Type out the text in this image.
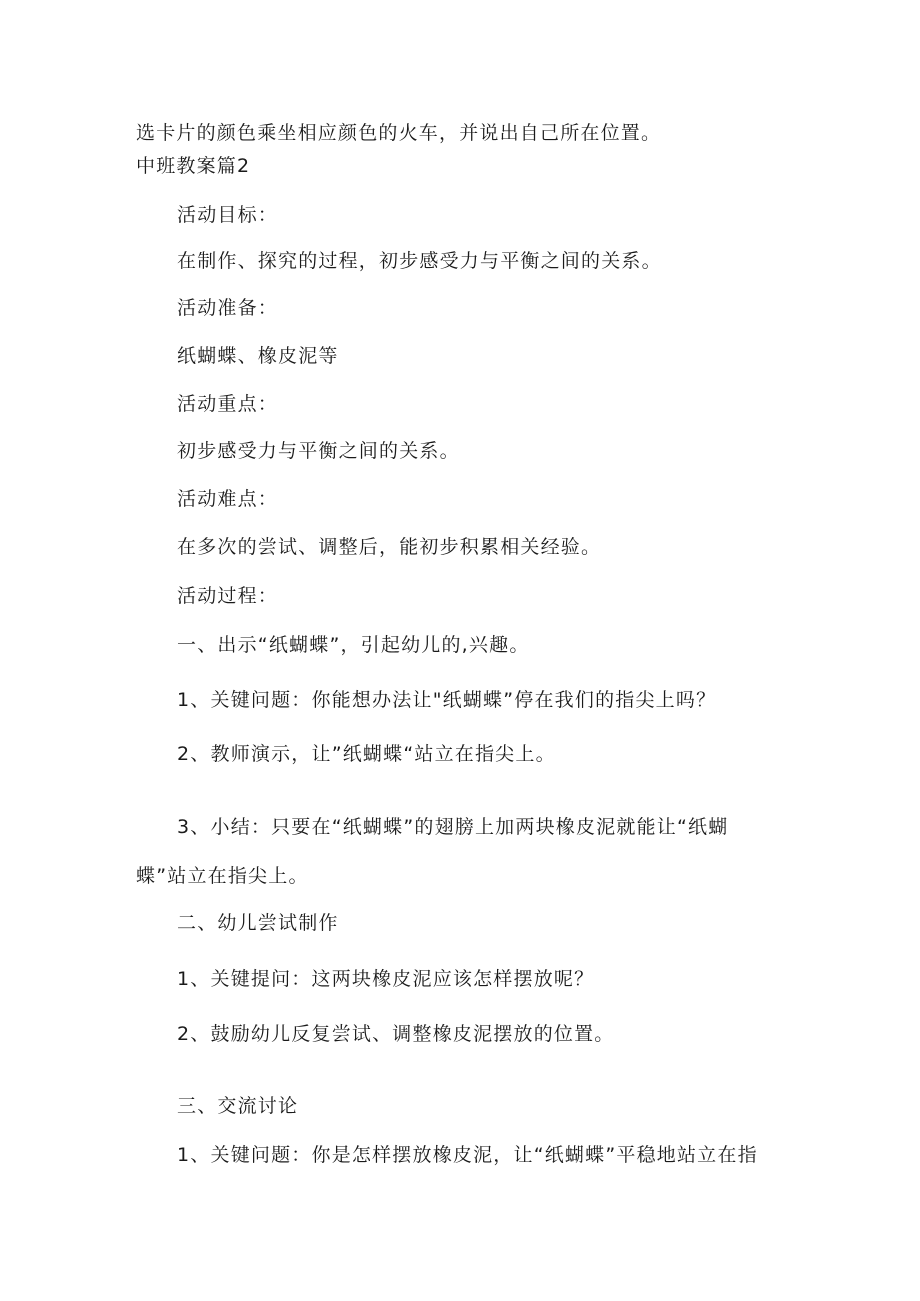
选卡片的颜色乘坐相应颜色的火车，并说出自己所在位置。
中班教案篇2
活动目标：
在制作、探究的过程，初步感受力与平衡之间的关系。
活动准备：
纸蝴蝶、橡皮泥等
活动重点：
初步感受力与平衡之间的关系。
活动难点：
在多次的尝试、调整后，能初步积累相关经验。
活动过程：
一、出示“纸蝴蝶”，引起幼儿的,兴趣。
1、关键问题：你能想办法让"纸蝴蝶”停在我们的指尖上吗？
2、教师演示，让”纸蝴蝶“站立在指尖上。
3、小结：只要在“纸蝴蝶”的翅膀上加两块橡皮泥就能让“纸蝴
蝶”站立在指尖上。
二、幼儿尝试制作
1、关键提问：这两块橡皮泥应该怎样摆放呢？
2、鼓励幼儿反复尝试、调整橡皮泥摆放的位置。
三、交流讨论
1、关键问题：你是怎样摆放橡皮泥，让“纸蝴蝶”平稳地站立在指
